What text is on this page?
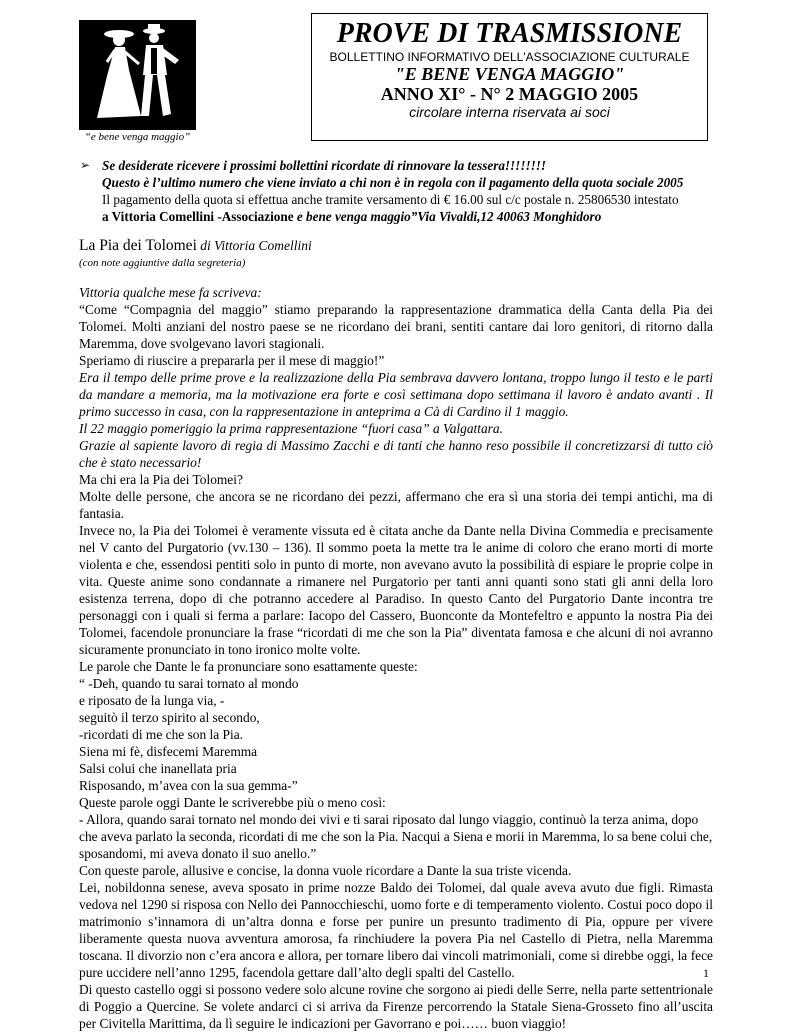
“e bene venga maggio”
PROVE DI TRASMISSIONE
BOLLETTINO INFORMATIVO DELL'ASSOCIAZIONE CULTURALE
"E BENE VENGA MAGGIO"
ANNO XI° - N° 2 MAGGIO 2005
circolare interna riservata ai soci
➢ Se desiderate ricevere i prossimi bollettini ricordate di rinnovare la tessera!!!!!!!!
Questo è l’ultimo numero che viene inviato a chi non è in regola con il pagamento della quota sociale 2005
Il pagamento della quota si effettua anche tramite versamento di € 16.00 sul c/c postale n. 25806530 intestato
a Vittoria Comellini -Associazione e bene venga maggio”Via Vivaldi,12 40063 Monghidoro
La Pia dei Tolomei di Vittoria Comellini
(con note aggiuntive dalla segreteria)

Vittoria qualche mese fa scriveva:

“Come “Compagnia del maggio” stiamo preparando la rappresentazione drammatica della Canta della Pia dei Tolomei. Molti anziani del nostro paese se ne ricordano dei brani, sentiti cantare dai loro genitori, di ritorno dalla Maremma, dove svolgevano lavori stagionali.

Speriamo di riuscire a prepararla per il mese di maggio!”

Era il tempo delle prime prove e la realizzazione della Pia sembrava davvero lontana, troppo lungo il testo e le parti da mandare a memoria, ma la motivazione era forte e così settimana dopo settimana il lavoro è andato avanti . Il primo successo in casa, con la rappresentazione in anteprima a Cà di Cardino il 1 maggio.

Il 22 maggio pomeriggio la prima rappresentazione “fuori casa” a Valgattara.

Grazie al sapiente lavoro di regia di Massimo Zacchi e di tanti che hanno reso possibile il concretizzarsi di tutto ciò che è stato necessario!

Ma chi era la Pia dei Tolomei?

Molte delle persone, che ancora se ne ricordano dei pezzi, affermano che era sì una storia dei tempi antichi, ma di fantasia.

Invece no, la Pia dei Tolomei è veramente vissuta ed è citata anche da Dante nella Divina Commedia e precisamente nel V canto del Purgatorio (vv.130 – 136). Il sommo poeta la mette tra le anime di coloro che erano morti di morte violenta e che, essendosi pentiti solo in punto di morte, non avevano avuto la possibilità di espiare le proprie colpe in vita. Queste anime sono condannate a rimanere nel Purgatorio per tanti anni quanti sono stati gli anni della loro esistenza terrena, dopo di che potranno accedere al Paradiso. In questo Canto del Purgatorio Dante incontra tre personaggi con i quali si ferma a parlare: Iacopo del Cassero, Buonconte da Montefeltro e appunto la nostra Pia dei Tolomei, facendole pronunciare la frase “ricordati di me che son la Pia” diventata famosa e che alcuni di noi avranno sicuramente pronunciato in tono ironico molte volte.

Le parole che Dante le fa pronunciare sono esattamente queste:

“ -Deh, quando tu sarai tornato al mondo

e riposato de la lunga via, -

seguitò il terzo spirito al secondo,

-ricordati di me che son la Pia.

Siena mi fè, disfecemi Maremma

Salsi colui che inanellata pria

Risposando, m’avea con la sua gemma-”

Queste parole oggi Dante le scriverebbe più o meno così:

- Allora, quando sarai tornato nel mondo dei vivi e ti sarai riposato dal lungo viaggio, continuò la terza anima, dopo che aveva parlato la seconda, ricordati di me che son la Pia. Nacqui a Siena e morii in Maremma, lo sa bene colui che, sposandomi, mi aveva donato il suo anello.”

Con queste parole, allusive e concise, la donna vuole ricordare a Dante la sua triste vicenda.

Lei, nobildonna senese, aveva sposato in prime nozze Baldo dei Tolomei, dal quale aveva avuto due figli. Rimasta vedova nel 1290 si risposa con Nello dei Pannocchieschi, uomo forte e di temperamento violento. Costui poco dopo il matrimonio s’innamora di un’altra donna e forse per punire un presunto tradimento di Pia, oppure per vivere liberamente questa nuova avventura amorosa, fa rinchiudere la povera Pia nel Castello di Pietra, nella Maremma toscana. Il divorzio non c’era ancora e allora, per tornare libero dai vincoli matrimoniali, come si direbbe oggi, la fece pure uccidere nell’anno 1295, facendola gettare dall’alto degli spalti del Castello.

Di questo castello oggi si possono vedere solo alcune rovine che sorgono ai piedi delle Serre, nella parte settentrionale di Poggio a Quercine. Se volete andarci ci si arriva da Firenze percorrendo la Statale Siena-Grosseto fino all’uscita per Civitella Marittima, da lì seguire le indicazioni per Gavorrano e poi…… buon viaggio!

1
